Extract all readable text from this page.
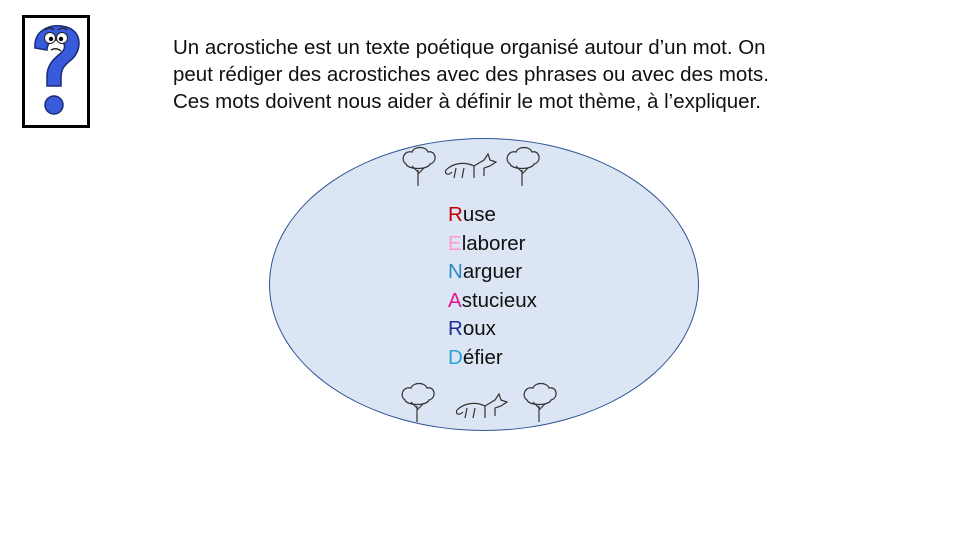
Un acrostiche est un texte poétique organisé autour d’un mot. On

peut rédiger des acrostiches avec des phrases ou avec des mots.

Ces mots doivent nous aider à définir le mot thème, à l’expliquer.

Ruse
Elaborer
Narguer
Astucieux
Roux
Défier
